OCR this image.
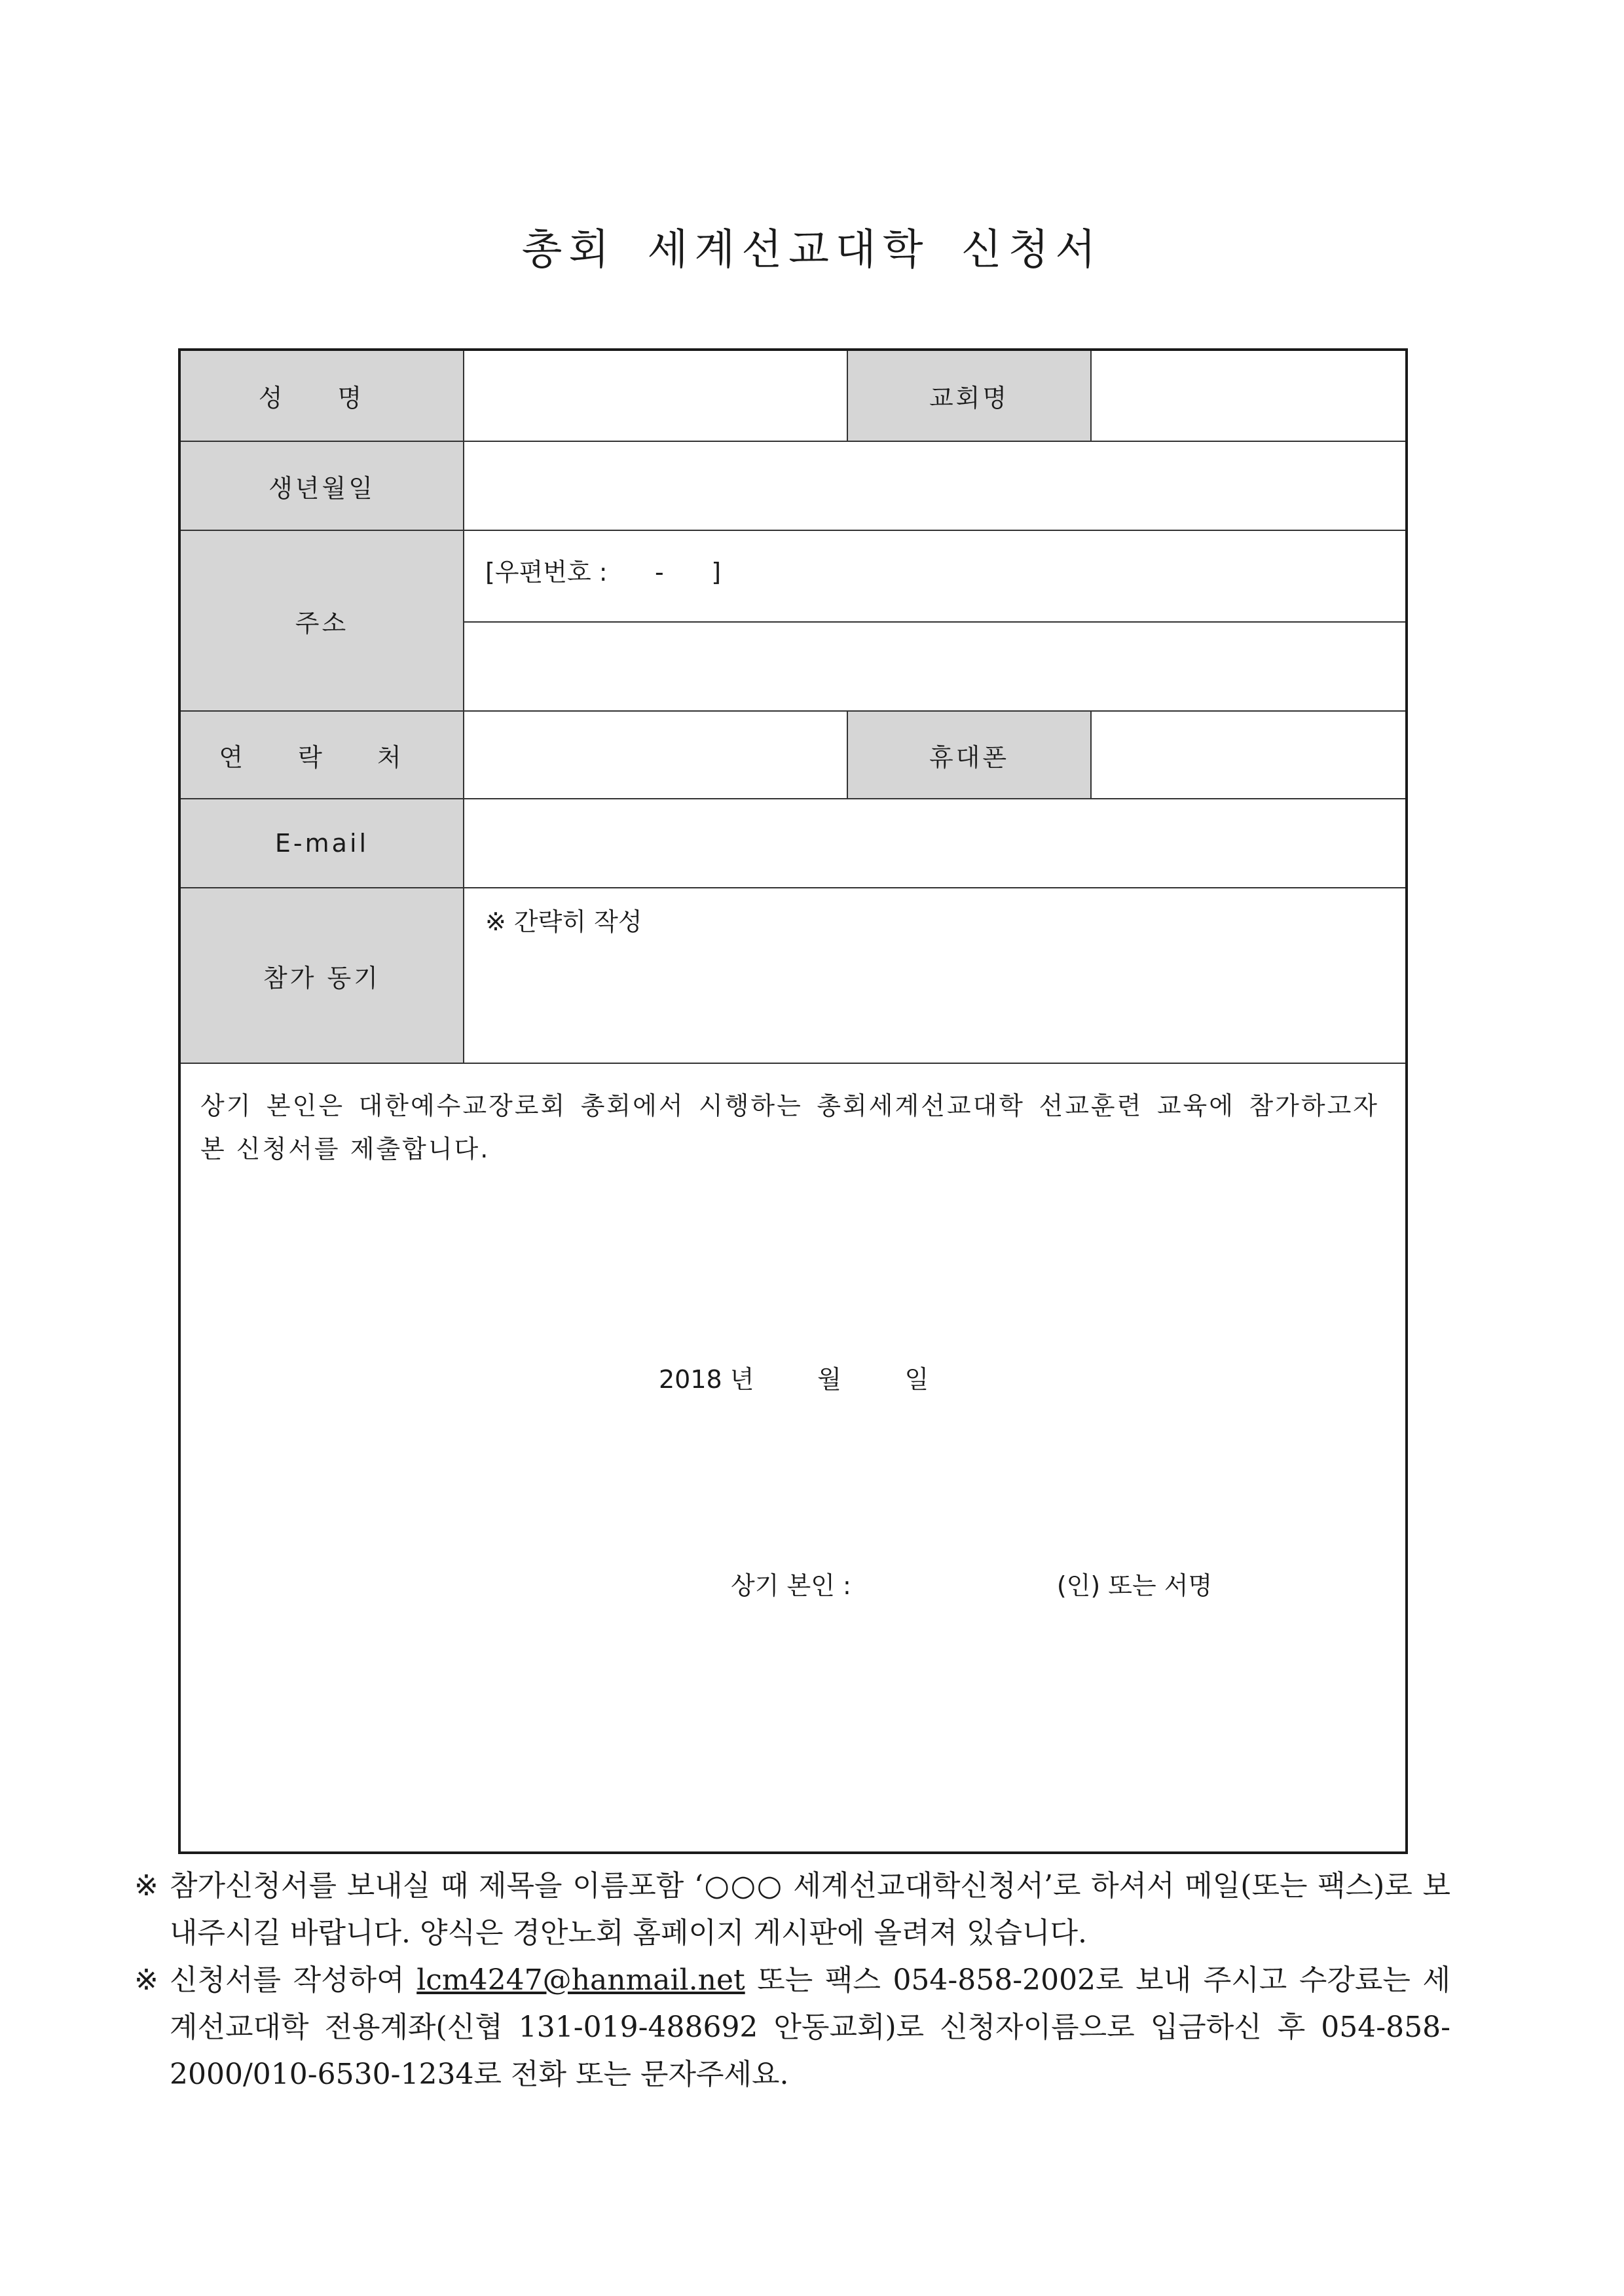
총회 세계선교대학 신청서
성 명		교회명	
생년월일			
주소	[우편번호 :      -      ]		

연 락 처		휴대폰	
E-mail			
참가 동기	※ 간략히 작성		
상기 본인은 대한예수교장로회 총회에서 시행하는 총회세계선교대학 선교훈련 교육에 참가하고자 본 신청서를 제출합니다.
2018 년        월        일
상기 본인 :                          (인) 또는 서명
※ 참가신청서를 보내실 때 제목을 이름포함 ‘○○○ 세계선교대학신청서’로 하셔서 메일(또는 팩스)로 보내주시길 바랍니다. 양식은 경안노회 홈페이지 게시판에 올려져 있습니다.
※ 신청서를 작성하여 lcm4247@hanmail.net 또는 팩스 054-858-2002로 보내 주시고 수강료는 세계선교대학 전용계좌(신협 131-019-488692 안동교회)로 신청자이름으로 입금하신 후 054-858-2000/010-6530-1234로 전화 또는 문자주세요.
